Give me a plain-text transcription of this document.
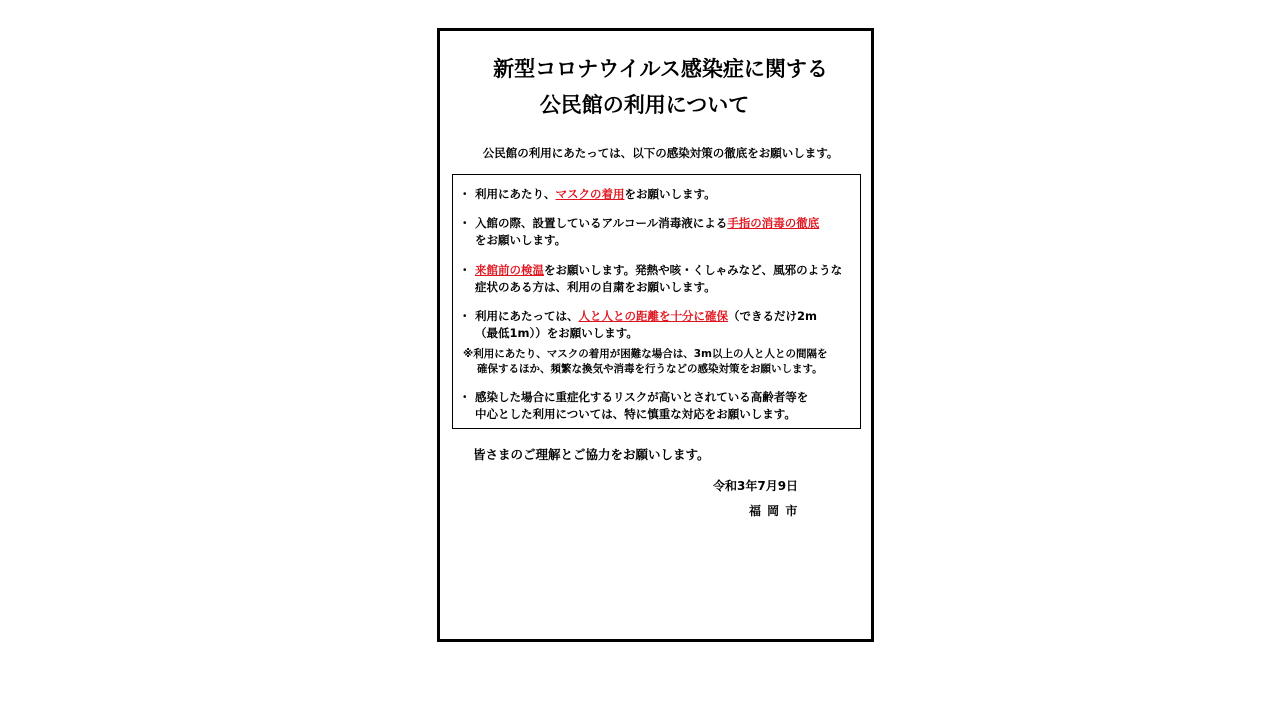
新型コロナウイルス感染症に関する
公民館の利用について
公民館の利用にあたっては、以下の感染対策の徹底をお願いします。
・ 利用にあたり、マスクの着用をお願いします。
・ 入館の際、設置しているアルコール消毒液による手指の消毒の徹底
をお願いします。
・ 来館前の検温をお願いします。発熱や咳・くしゃみなど、風邪のような
症状のある方は、利用の自粛をお願いします。
・ 利用にあたっては、人と人との距離を十分に確保（できるだけ2m
（最低1m））をお願いします。
※利用にあたり、マスクの着用が困難な場合は、3m以上の人と人との間隔を
確保するほか、頻繁な換気や消毒を行うなどの感染対策をお願いします。
・ 感染した場合に重症化するリスクが高いとされている高齢者等を
中心とした利用については、特に慎重な対応をお願いします。
皆さまのご理解とご協力をお願いします。
令和3年7月9日
福 岡 市
